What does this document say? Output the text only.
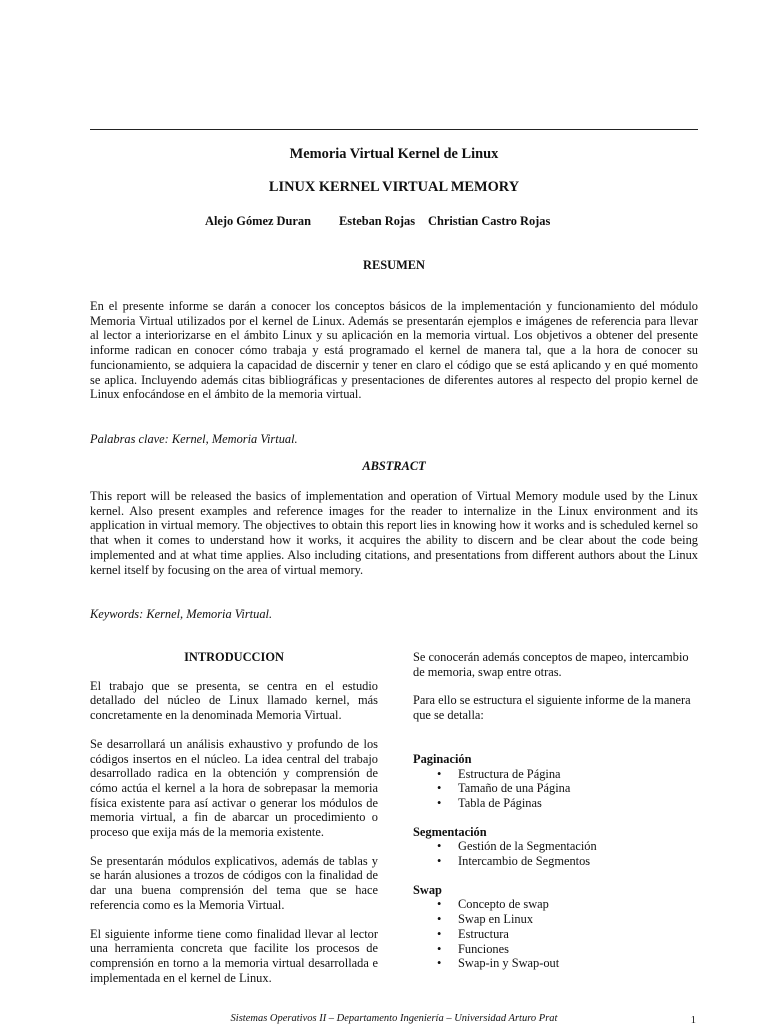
Memoria Virtual Kernel de Linux
LINUX KERNEL VIRTUAL MEMORY
Alejo Gómez Duran Esteban Rojas Christian Castro Rojas
RESUMEN
En el presente informe se darán a conocer los conceptos básicos de la implementación y funcionamiento del módulo Memoria Virtual utilizados por el kernel de Linux. Además se presentarán ejemplos e imágenes de referencia para llevar al lector a interiorizarse en el ámbito Linux y su aplicación en la memoria virtual. Los objetivos a obtener del presente informe radican en conocer cómo trabaja y está programado el kernel de manera tal, que a la hora de conocer su funcionamiento, se adquiera la capacidad de discernir y tener en claro el código que se está aplicando y en qué momento se aplica. Incluyendo además citas bibliográficas y presentaciones de diferentes autores al respecto del propio kernel de Linux enfocándose en el ámbito de la memoria virtual.
Palabras clave: Kernel, Memoria Virtual.
ABSTRACT
This report will be released the basics of implementation and operation of Virtual Memory module used by the Linux kernel. Also present examples and reference images for the reader to internalize in the Linux environment and its application in virtual memory. The objectives to obtain this report lies in knowing how it works and is scheduled kernel so that when it comes to understand how it works, it acquires the ability to discern and be clear about the code being implemented and at what time applies. Also including citations, and presentations from different authors about the Linux kernel itself by focusing on the area of virtual memory.
Keywords: Kernel, Memoria Virtual.
INTRODUCCION

El trabajo que se presenta, se centra en el estudio detallado del núcleo de Linux llamado kernel, más concretamente en la denominada Memoria Virtual.

Se desarrollará un análisis exhaustivo y profundo de los códigos insertos en el núcleo. La idea central del trabajo desarrollado radica en la obtención y comprensión de cómo actúa el kernel a la hora de sobrepasar la memoria física existente para así activar o generar los módulos de memoria virtual, a fin de abarcar un procedimiento o proceso que exija más de la memoria existente.

Se presentarán módulos explicativos, además de tablas y se harán alusiones a trozos de códigos con la finalidad de dar una buena comprensión del tema que se hace referencia como es la Memoria Virtual.

El siguiente informe tiene como finalidad llevar al lector una herramienta concreta que facilite los procesos de comprensión en torno a la memoria virtual desarrollada e implementada en el kernel de Linux.

Se conocerán además conceptos de mapeo, intercambio de memoria, swap entre otras.

Para ello se estructura el siguiente informe de la manera que se detalla:

Paginación
• Estructura de Página
• Tamaño de una Página
• Tabla de Páginas
Segmentación
• Gestión de la Segmentación
• Intercambio de Segmentos
Swap
• Concepto de swap
• Swap en Linux
• Estructura
• Funciones
• Swap-in y Swap-out
Sistemas Operativos II – Departamento Ingeniería – Universidad Arturo Prat	1
